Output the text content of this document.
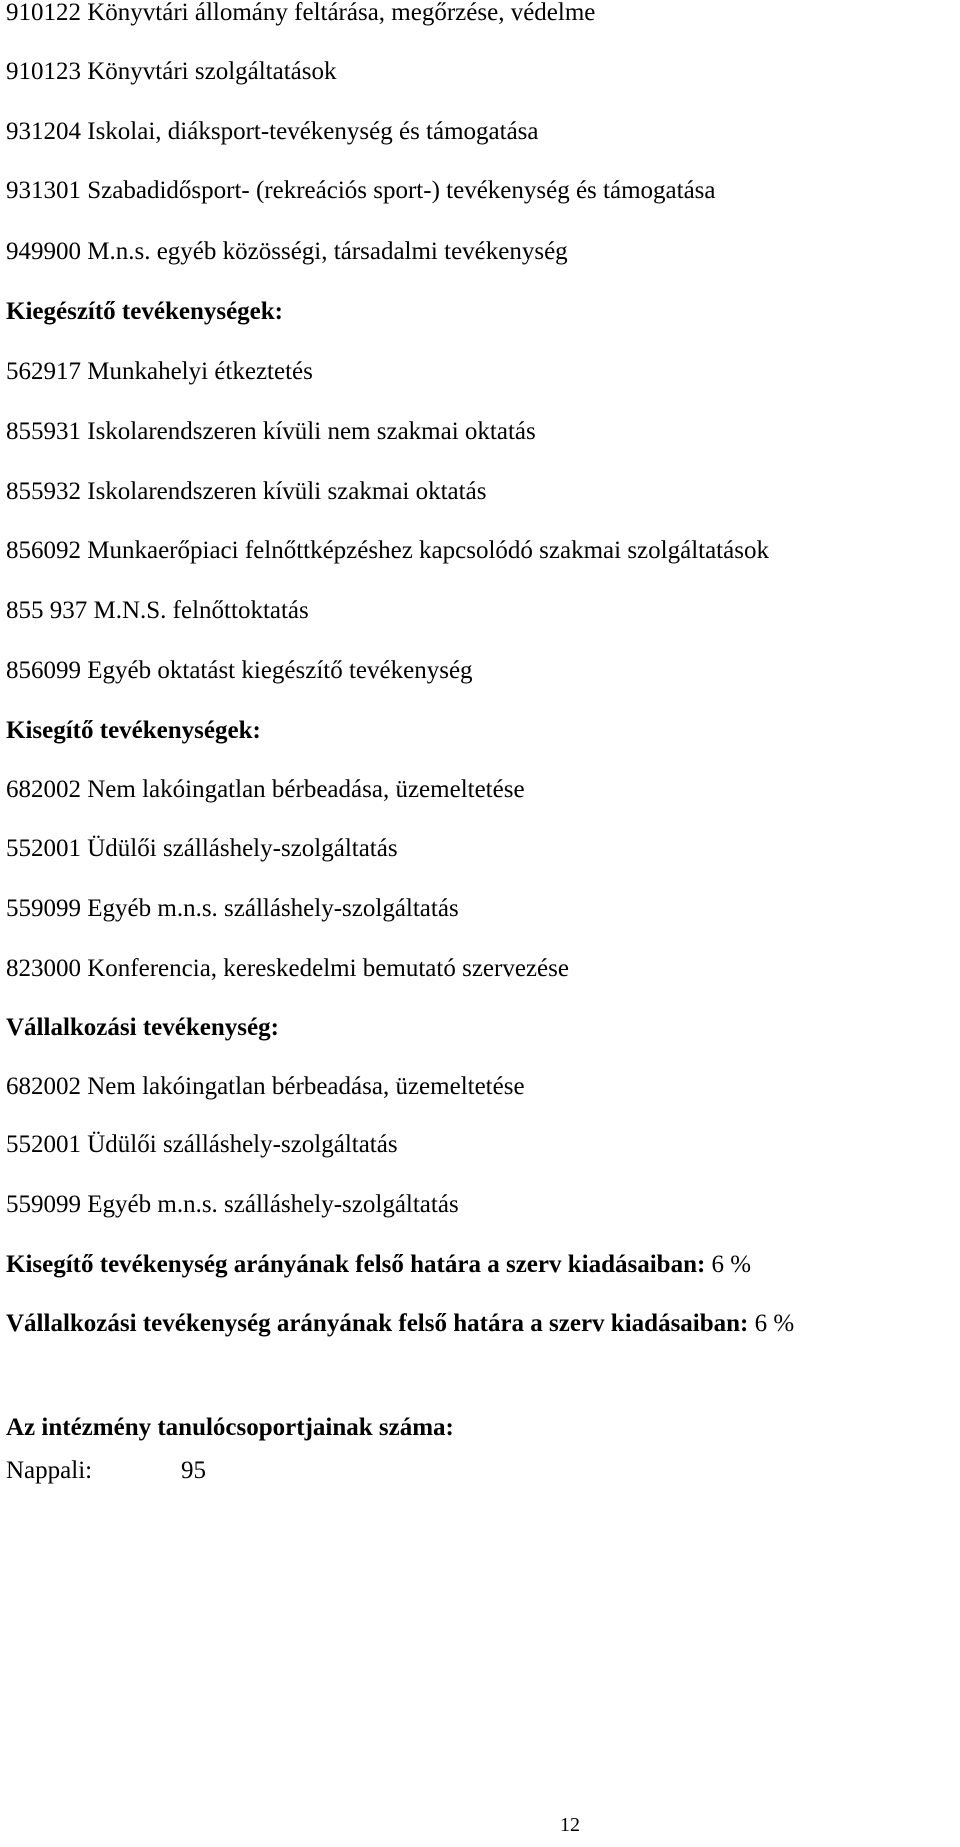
910122 Könyvtári állomány feltárása, megőrzése, védelme
910123 Könyvtári szolgáltatások
931204 Iskolai, diáksport-tevékenység és támogatása
931301 Szabadidősport- (rekreációs sport-) tevékenység és támogatása
949900 M.n.s. egyéb közösségi, társadalmi tevékenység
Kiegészítő tevékenységek:
562917 Munkahelyi étkeztetés
855931 Iskolarendszeren kívüli nem szakmai oktatás
855932 Iskolarendszeren kívüli szakmai oktatás
856092 Munkaerőpiaci felnőttképzéshez kapcsolódó szakmai szolgáltatások
855 937 M.N.S. felnőttoktatás
856099 Egyéb oktatást kiegészítő tevékenység
Kisegítő tevékenységek:
682002 Nem lakóingatlan bérbeadása, üzemeltetése
552001 Üdülői szálláshely-szolgáltatás
559099 Egyéb m.n.s. szálláshely-szolgáltatás
823000 Konferencia, kereskedelmi bemutató szervezése
Vállalkozási tevékenység:
682002 Nem lakóingatlan bérbeadása, üzemeltetése
552001 Üdülői szálláshely-szolgáltatás
559099 Egyéb m.n.s. szálláshely-szolgáltatás
Kisegítő tevékenység arányának felső határa a szerv kiadásaiban: 6 %
Vállalkozási tevékenység arányának felső határa a szerv kiadásaiban: 6 %
Az intézmény tanulócsoportjainak száma:
Nappali:	95
12
